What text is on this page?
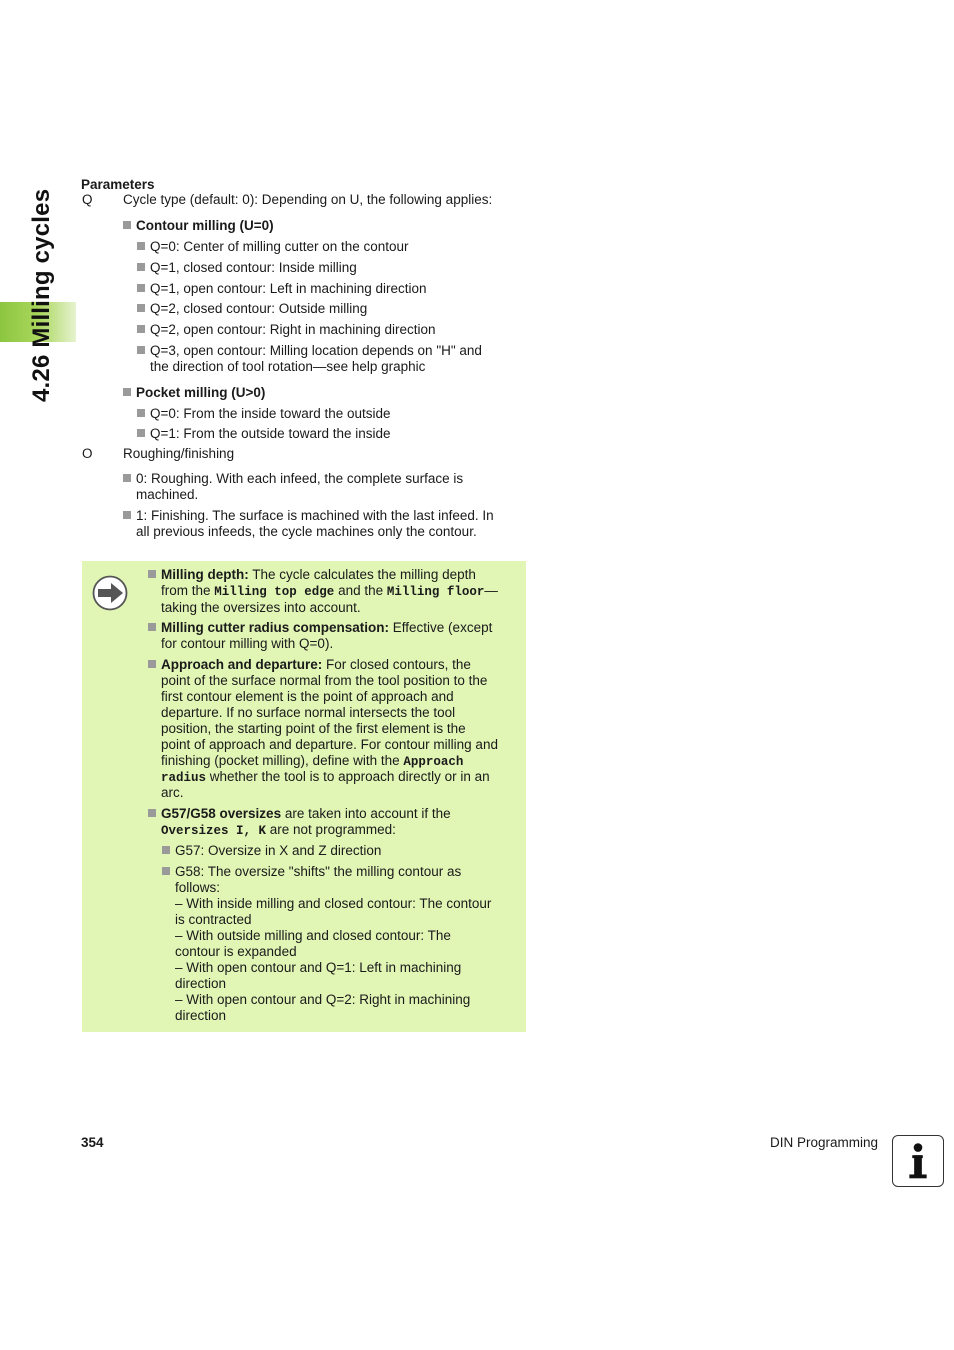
4.26 Milling cycles
Parameters
Q Cycle type (default: 0): Depending on U, the following applies:
Contour milling (U=0)
Q=0: Center of milling cutter on the contour
Q=1, closed contour: Inside milling
Q=1, open contour: Left in machining direction
Q=2, closed contour: Outside milling
Q=2, open contour: Right in machining direction
Q=3, open contour: Milling location depends on "H" and
the direction of tool rotation—see help graphic
Pocket milling (U>0)
Q=0: From the inside toward the outside
Q=1: From the outside toward the inside
O Roughing/finishing
0: Roughing. With each infeed, the complete surface is
machined.
1: Finishing. The surface is machined with the last infeed. In
all previous infeeds, the cycle machines only the contour.
Milling depth: The cycle calculates the milling depth
from the Milling top edge and the Milling floor—
taking the oversizes into account.
Milling cutter radius compensation: Effective (except
for contour milling with Q=0).
Approach and departure: For closed contours, the
point of the surface normal from the tool position to the
first contour element is the point of approach and
departure. If no surface normal intersects the tool
position, the starting point of the first element is the
point of approach and departure. For contour milling and
finishing (pocket milling), define with the Approach
radius whether the tool is to approach directly or in an
arc.
G57/G58 oversizes are taken into account if the
Oversizes I, K are not programmed:
G57: Oversize in X and Z direction
G58: The oversize "shifts" the milling contour as
follows:
– With inside milling and closed contour: The contour
is contracted
– With outside milling and closed contour: The
contour is expanded
– With open contour and Q=1: Left in machining
direction
– With open contour and Q=2: Right in machining
direction
354	DIN Programming
